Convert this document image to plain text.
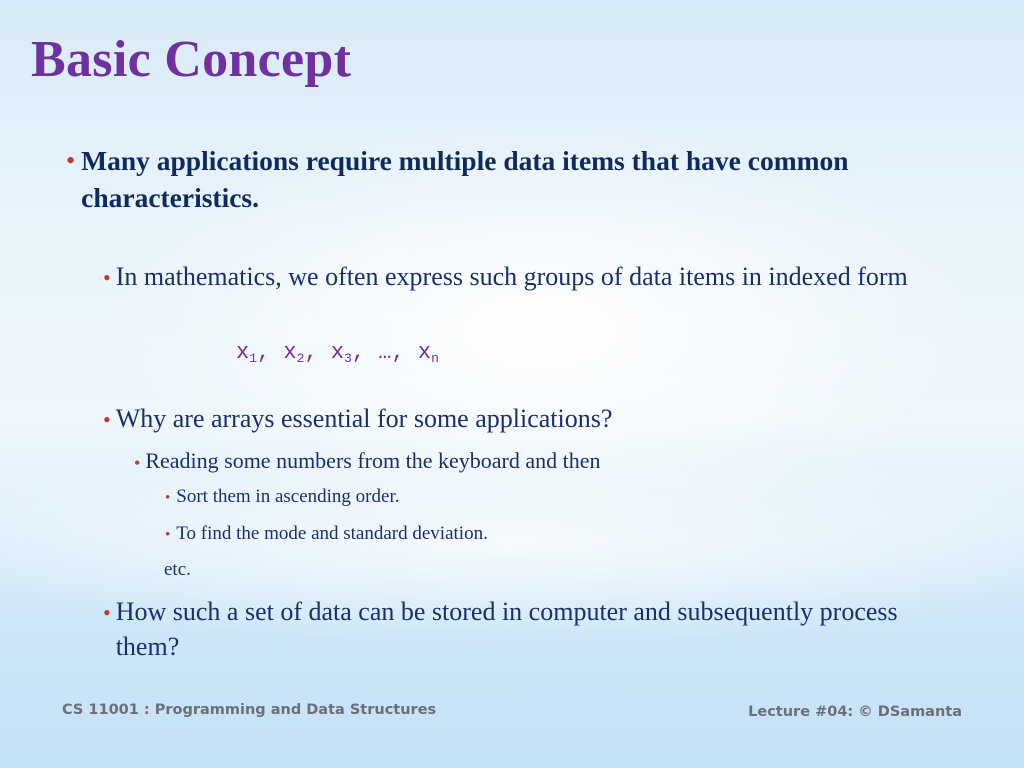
Basic Concept
• Many applications require multiple data items that have common characteristics.
• In mathematics, we often express such groups of data items in indexed form
$x_1$, $x_2$, $x_3$, …, $x_n$
• Why are arrays essential for some applications?
• Reading some numbers from the keyboard and then
• Sort them in ascending order.
• To find the mode and standard deviation.
etc.
• How such a set of data can be stored in computer and subsequently process them?
CS 11001 : Programming and Data Structures	Lecture #04: © DSamanta
